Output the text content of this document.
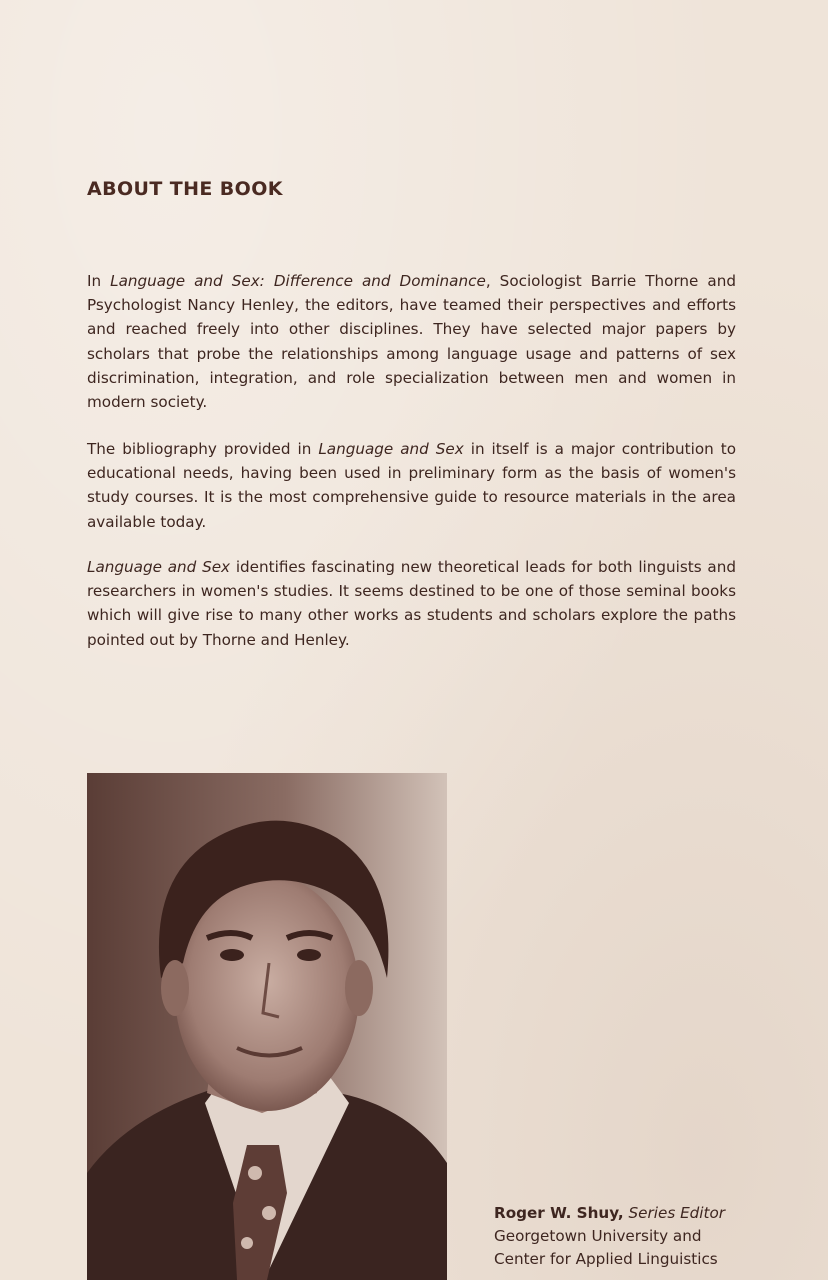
ABOUT THE BOOK

In Language and Sex: Difference and Dominance, Sociologist Barrie Thorne and Psychologist Nancy Henley, the editors, have teamed their perspectives and efforts and reached freely into other disciplines. They have selected major papers by scholars that probe the relationships among language usage and patterns of sex discrimination, integration, and role specialization between men and women in modern society.

The bibliography provided in Language and Sex in itself is a major contribution to educational needs, having been used in preliminary form as the basis of women's study courses. It is the most comprehensive guide to resource materials in the area available today.

Language and Sex identifies fascinating new theoretical leads for both linguists and researchers in women's studies. It seems destined to be one of those seminal books which will give rise to many other works as students and scholars explore the paths pointed out by Thorne and Henley.

Roger W. Shuy, Series Editor
Georgetown University and
Center for Applied Linguistics
